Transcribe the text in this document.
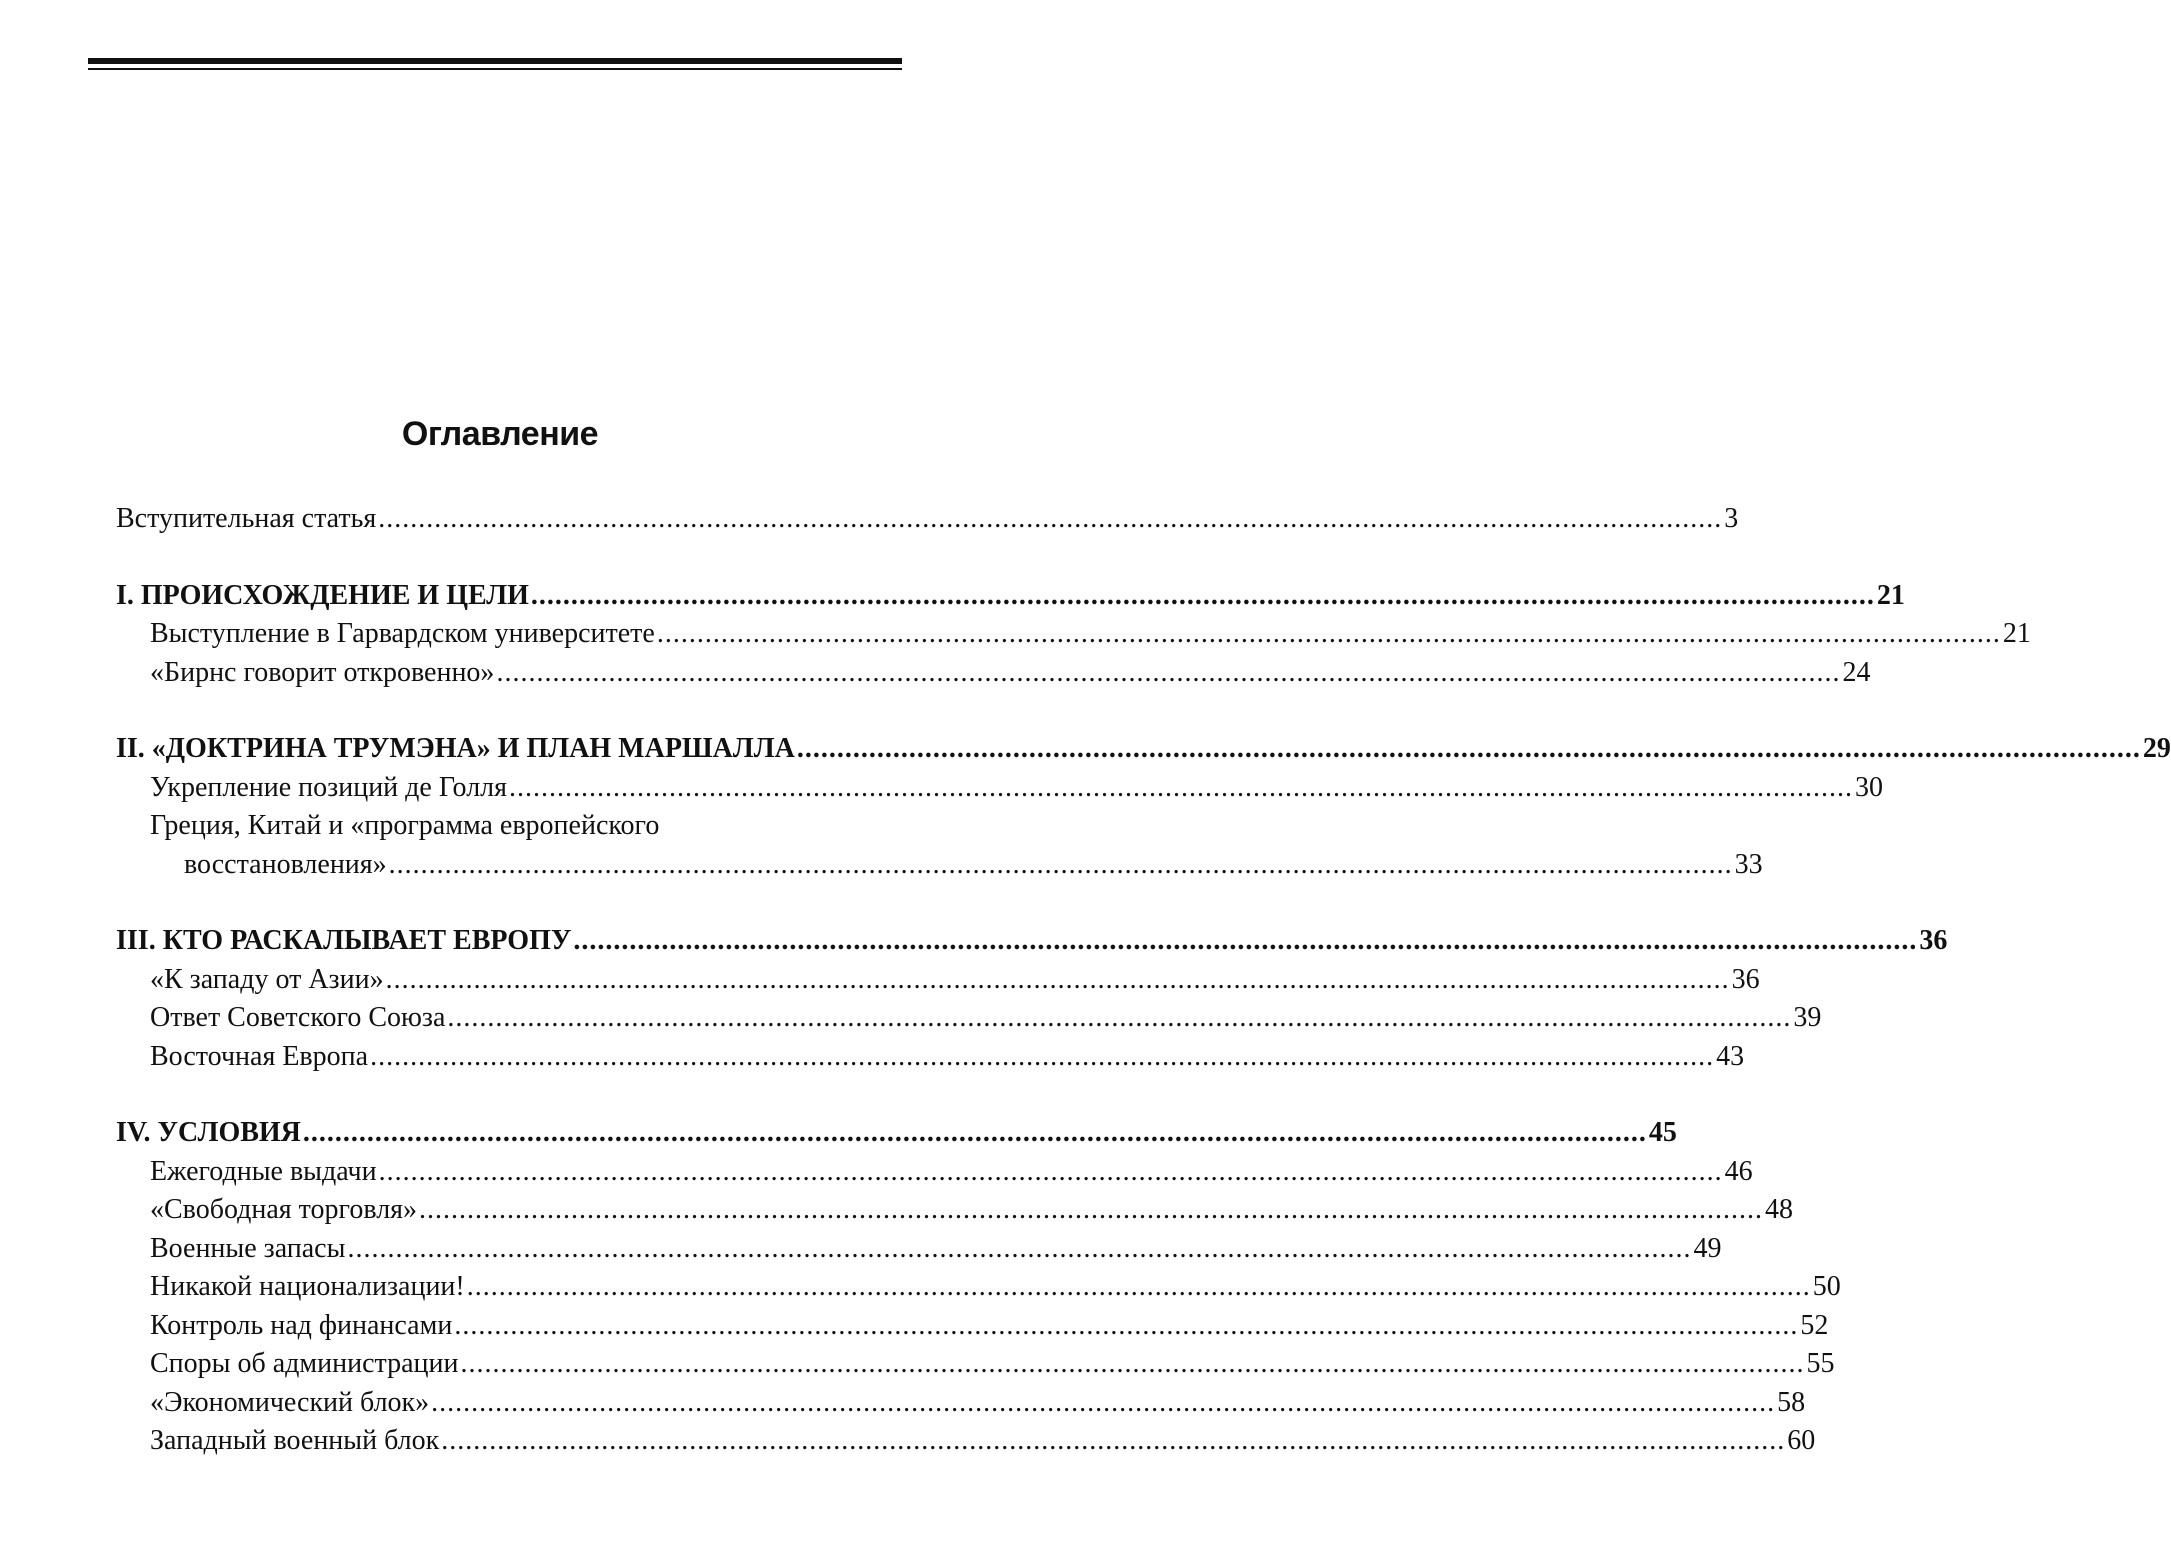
Оглавление
Вступительная статья ........................................................................................................................................................................ 3
I. ПРОИСХОЖДЕНИЕ И ЦЕЛИ ........................................................................................................................................................................ 21
Выступление в Гарвардском университете ........................................................................................................................................................................ 21
«Бирнс говорит откровенно» ........................................................................................................................................................................ 24
II. «ДОКТРИНА ТРУМЭНА» И ПЛАН МАРШАЛЛА ........................................................................................................................................................................ 29
Укрепление позиций де Голля ........................................................................................................................................................................ 30
Греция, Китай и «программа европейского
восстановления» ........................................................................................................................................................................ 33
III. КТО РАСКАЛЫВАЕТ ЕВРОПУ ........................................................................................................................................................................ 36
«К западу от Азии» ........................................................................................................................................................................ 36
Ответ Советского Союза ........................................................................................................................................................................ 39
Восточная Европа ........................................................................................................................................................................ 43
IV. УСЛОВИЯ ........................................................................................................................................................................ 45
Ежегодные выдачи ........................................................................................................................................................................ 46
«Свободная торговля» ........................................................................................................................................................................ 48
Военные запасы ........................................................................................................................................................................ 49
Никакой национализации! ........................................................................................................................................................................ 50
Контроль над финансами ........................................................................................................................................................................ 52
Споры об администрации ........................................................................................................................................................................ 55
«Экономический блок» ........................................................................................................................................................................ 58
Западный военный блок ........................................................................................................................................................................ 60
